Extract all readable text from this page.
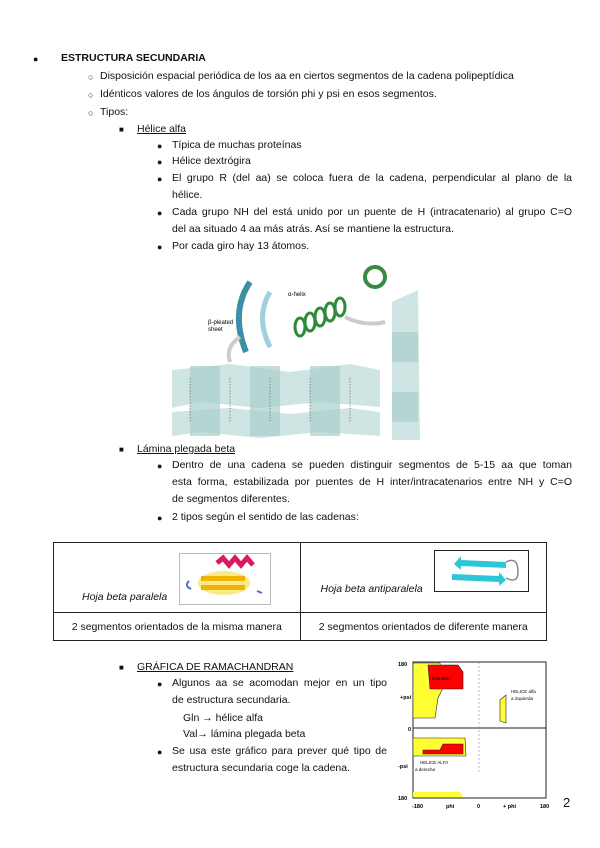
● ESTRUCTURA SECUNDARIA
○ Disposición espacial periódica de los aa en ciertos segmentos de la cadena polipeptídica
○ Idénticos valores de los ángulos de torsión phi y psi en esos segmentos.
○ Tipos:
■ Hélice alfa
● Típica de muchas proteínas
● Hélice dextrógira
● El grupo R (del aa) se coloca fuera de la cadena, perpendicular al plano de la
hélice.
● Cada grupo NH del está unido por un puente de H (intracatenario) al grupo C=O
del aa situado 4 aa más atrás. Así se mantiene la estructura.
● Por cada giro hay 13 átomos.
α-helix
β-pleated
sheet
■ Lámina plegada beta
● Dentro de una cadena se pueden distinguir segmentos de 5-15 aa que toman
esta forma, estabilizada por puentes de H inter/intracatenarios entre NH y C=O
de segmentos diferentes.
● 2 tipos según el sentido de las cadenas:
Hoja beta paralela	Hoja beta antiparalela

2 segmentos orientados de la misma manera	2 segmentos orientados de diferente manera
■ GRÁFICA DE RAMACHANDRAN
● Algunos aa se acomodan mejor en un tipo
de estructura secundaria.
Gln → hélice alfa
Val→ lámina plegada beta
● Se usa este gráfico para prever qué tipo de
estructura secundaria coge la cadena.
180
+psi
0
-psi
180
-180	phi	0	+ phi	180
hoja beta
HELICE alfa
a izquierda
HELICE ALFA
a derecha
2
